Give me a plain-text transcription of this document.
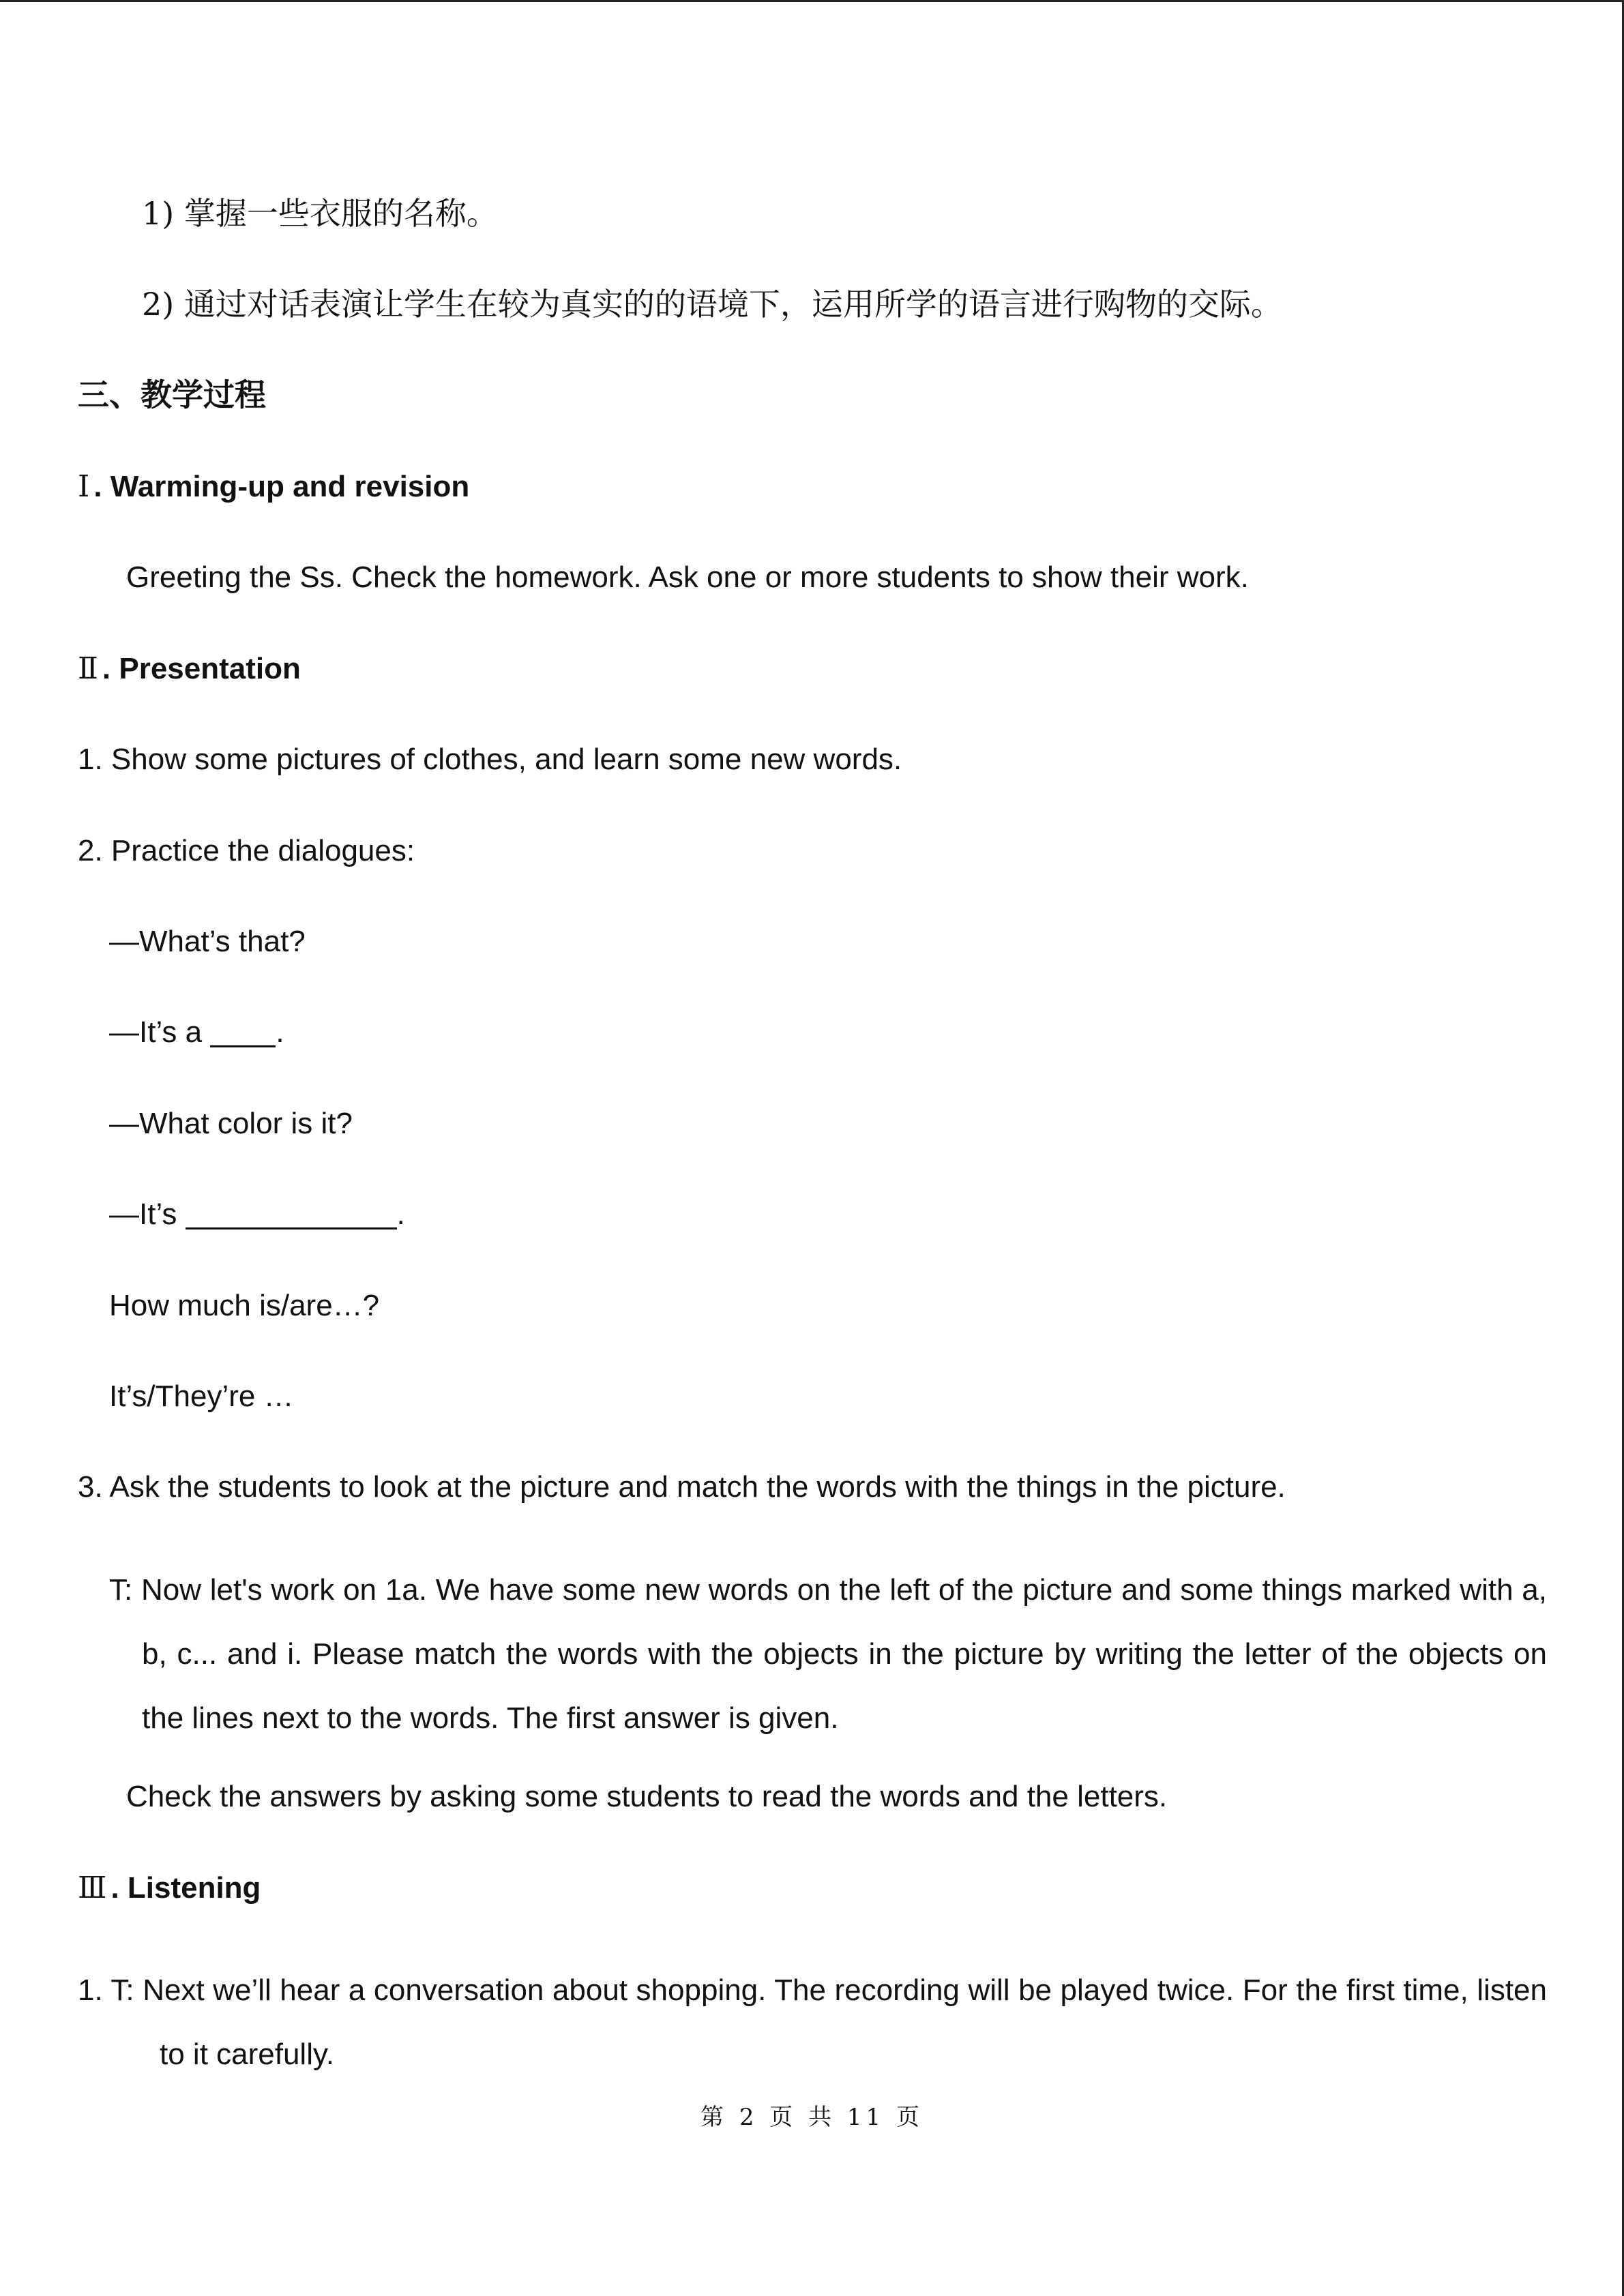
1) 掌握一些衣服的名称。
2) 通过对话表演让学生在较为真实的的语境下，运用所学的语言进行购物的交际。
三、教学过程
Ⅰ . Warming-up and revision
Greeting the Ss. Check the homework. Ask one or more students to show their work.
Ⅱ . Presentation
1. Show some pictures of clothes, and learn some new words.
2. Practice the dialogues:
—What’s that?
—It’s a .
—What color is it?
—It’s	.
How much is/are…?
It’s/They’re …
3. Ask the students to look at the picture and match the words with the things in the picture.
T: Now let's work on 1a. We have some new words on the left of the picture and some things marked with a, b, c... and i. Please match the words with the objects in the picture by writing the letter of the objects on the lines next to the words. The first answer is given.
Check the answers by asking some students to read the words and the letters.
Ⅲ . Listening
1. T: Next we’ll hear a conversation about shopping. The recording will be played twice. For the first time, listen to it carefully.
第 2 页 共 11 页
